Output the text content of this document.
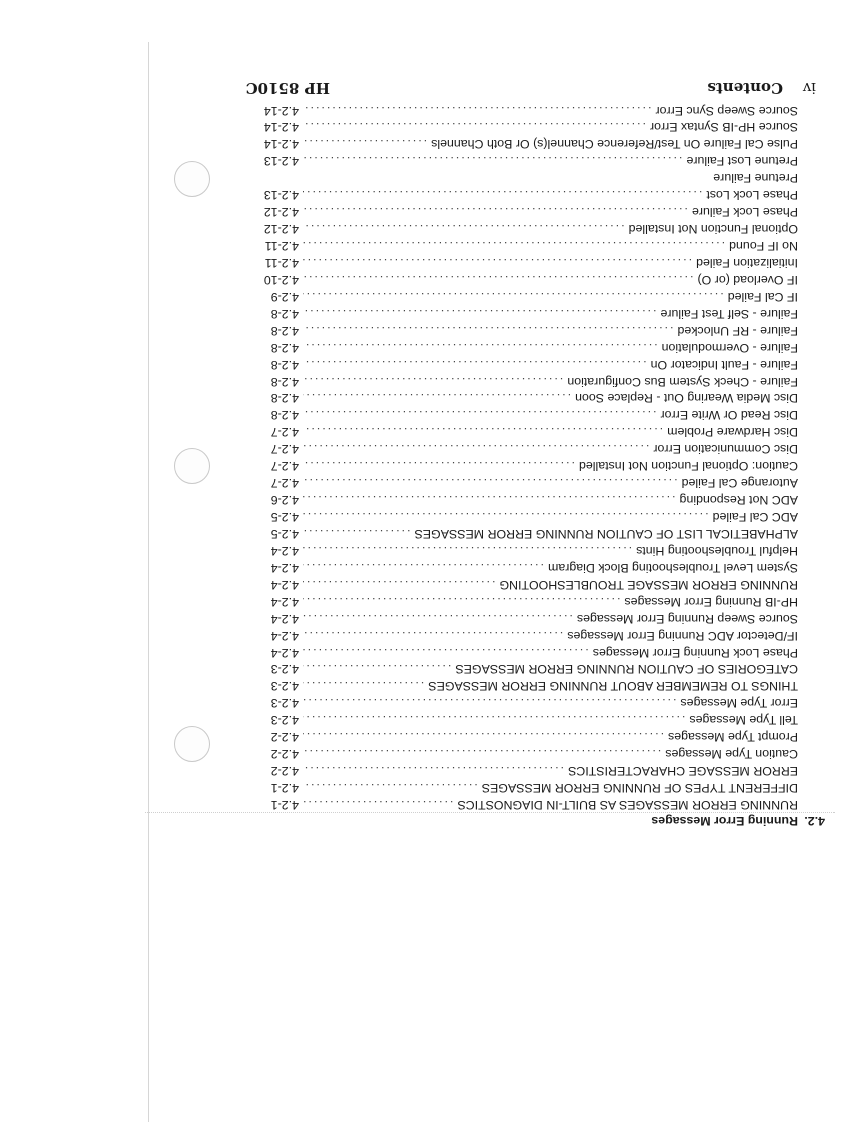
iv
Contents
HP 8510C
4.2.
Running Error Messages
RUNNING ERROR MESSAGES AS BUILT-IN DIAGNOSTICS
.....
4.2-1
DIFFERENT TYPES OF RUNNING ERROR MESSAGES
.....
4.2-1
ERROR MESSAGE CHARACTERISTICS
.....
4.2-2
Caution Type Messages
.....
4.2-2
Prompt Type Messages
.....
4.2-2
Tell Type Messages
.....
4.2-3
Error Type Messages
.....
4.2-3
THINGS TO REMEMBER ABOUT RUNNING ERROR MESSAGES
.....
4.2-3
CATEGORIES OF CAUTION RUNNING ERROR MESSAGES
.....
4.2-3
Phase Lock Running Error Messages
.....
4.2-4
IF/Detector ADC Running Error Messages
.....
4.2-4
Source Sweep Running Error Messages
.....
4.2-4
HP-IB Running Error Messages
.....
4.2-4
RUNNING ERROR MESSAGE TROUBLESHOOTING
.....
4.2-4
System Level Troubleshooting Block Diagram
.....
4.2-4
Helpful Troubleshooting Hints
.....
4.2-4
ALPHABETICAL LIST OF CAUTION RUNNING ERROR MESSAGES
.....
4.2-5
ADC Cal Failed
.....
4.2-5
ADC Not Responding
.....
4.2-6
Autorange Cal Failed
.....
4.2-7
Caution: Optional Function Not Installed
.....
4.2-7
Disc Communication Error
.....
4.2-7
Disc Hardware Problem
.....
4.2-7
Disc Read Or Write Error
.....
4.2-8
Disc Media Wearing Out - Replace Soon
.....
4.2-8
Failure - Check System Bus Configuration
.....
4.2-8
Failure - Fault Indicator On
.....
4.2-8
Failure - Overmodulation
.....
4.2-8
Failure - RF Unlocked
.....
4.2-8
Failure - Self Test Failure
.....
4.2-8
IF Cal Failed
.....
4.2-9
IF Overload (or O)
.....
4.2-10
Initialization Failed
.....
4.2-11
No IF Found
.....
4.2-11
Optional Function Not Installed
.....
4.2-12
Phase Lock Failure
.....
4.2-12
Phase Lock Lost
.....
4.2-13
Pretune Failure
Pretune Lost Failure
.....
4.2-13
Pulse Cal Failure On Test/Reference Channel(s) Or Both Channels
.....
4.2-14
Source HP-IB Syntax Error
.....
4.2-14
Source Sweep Sync Error
.....
4.2-14
